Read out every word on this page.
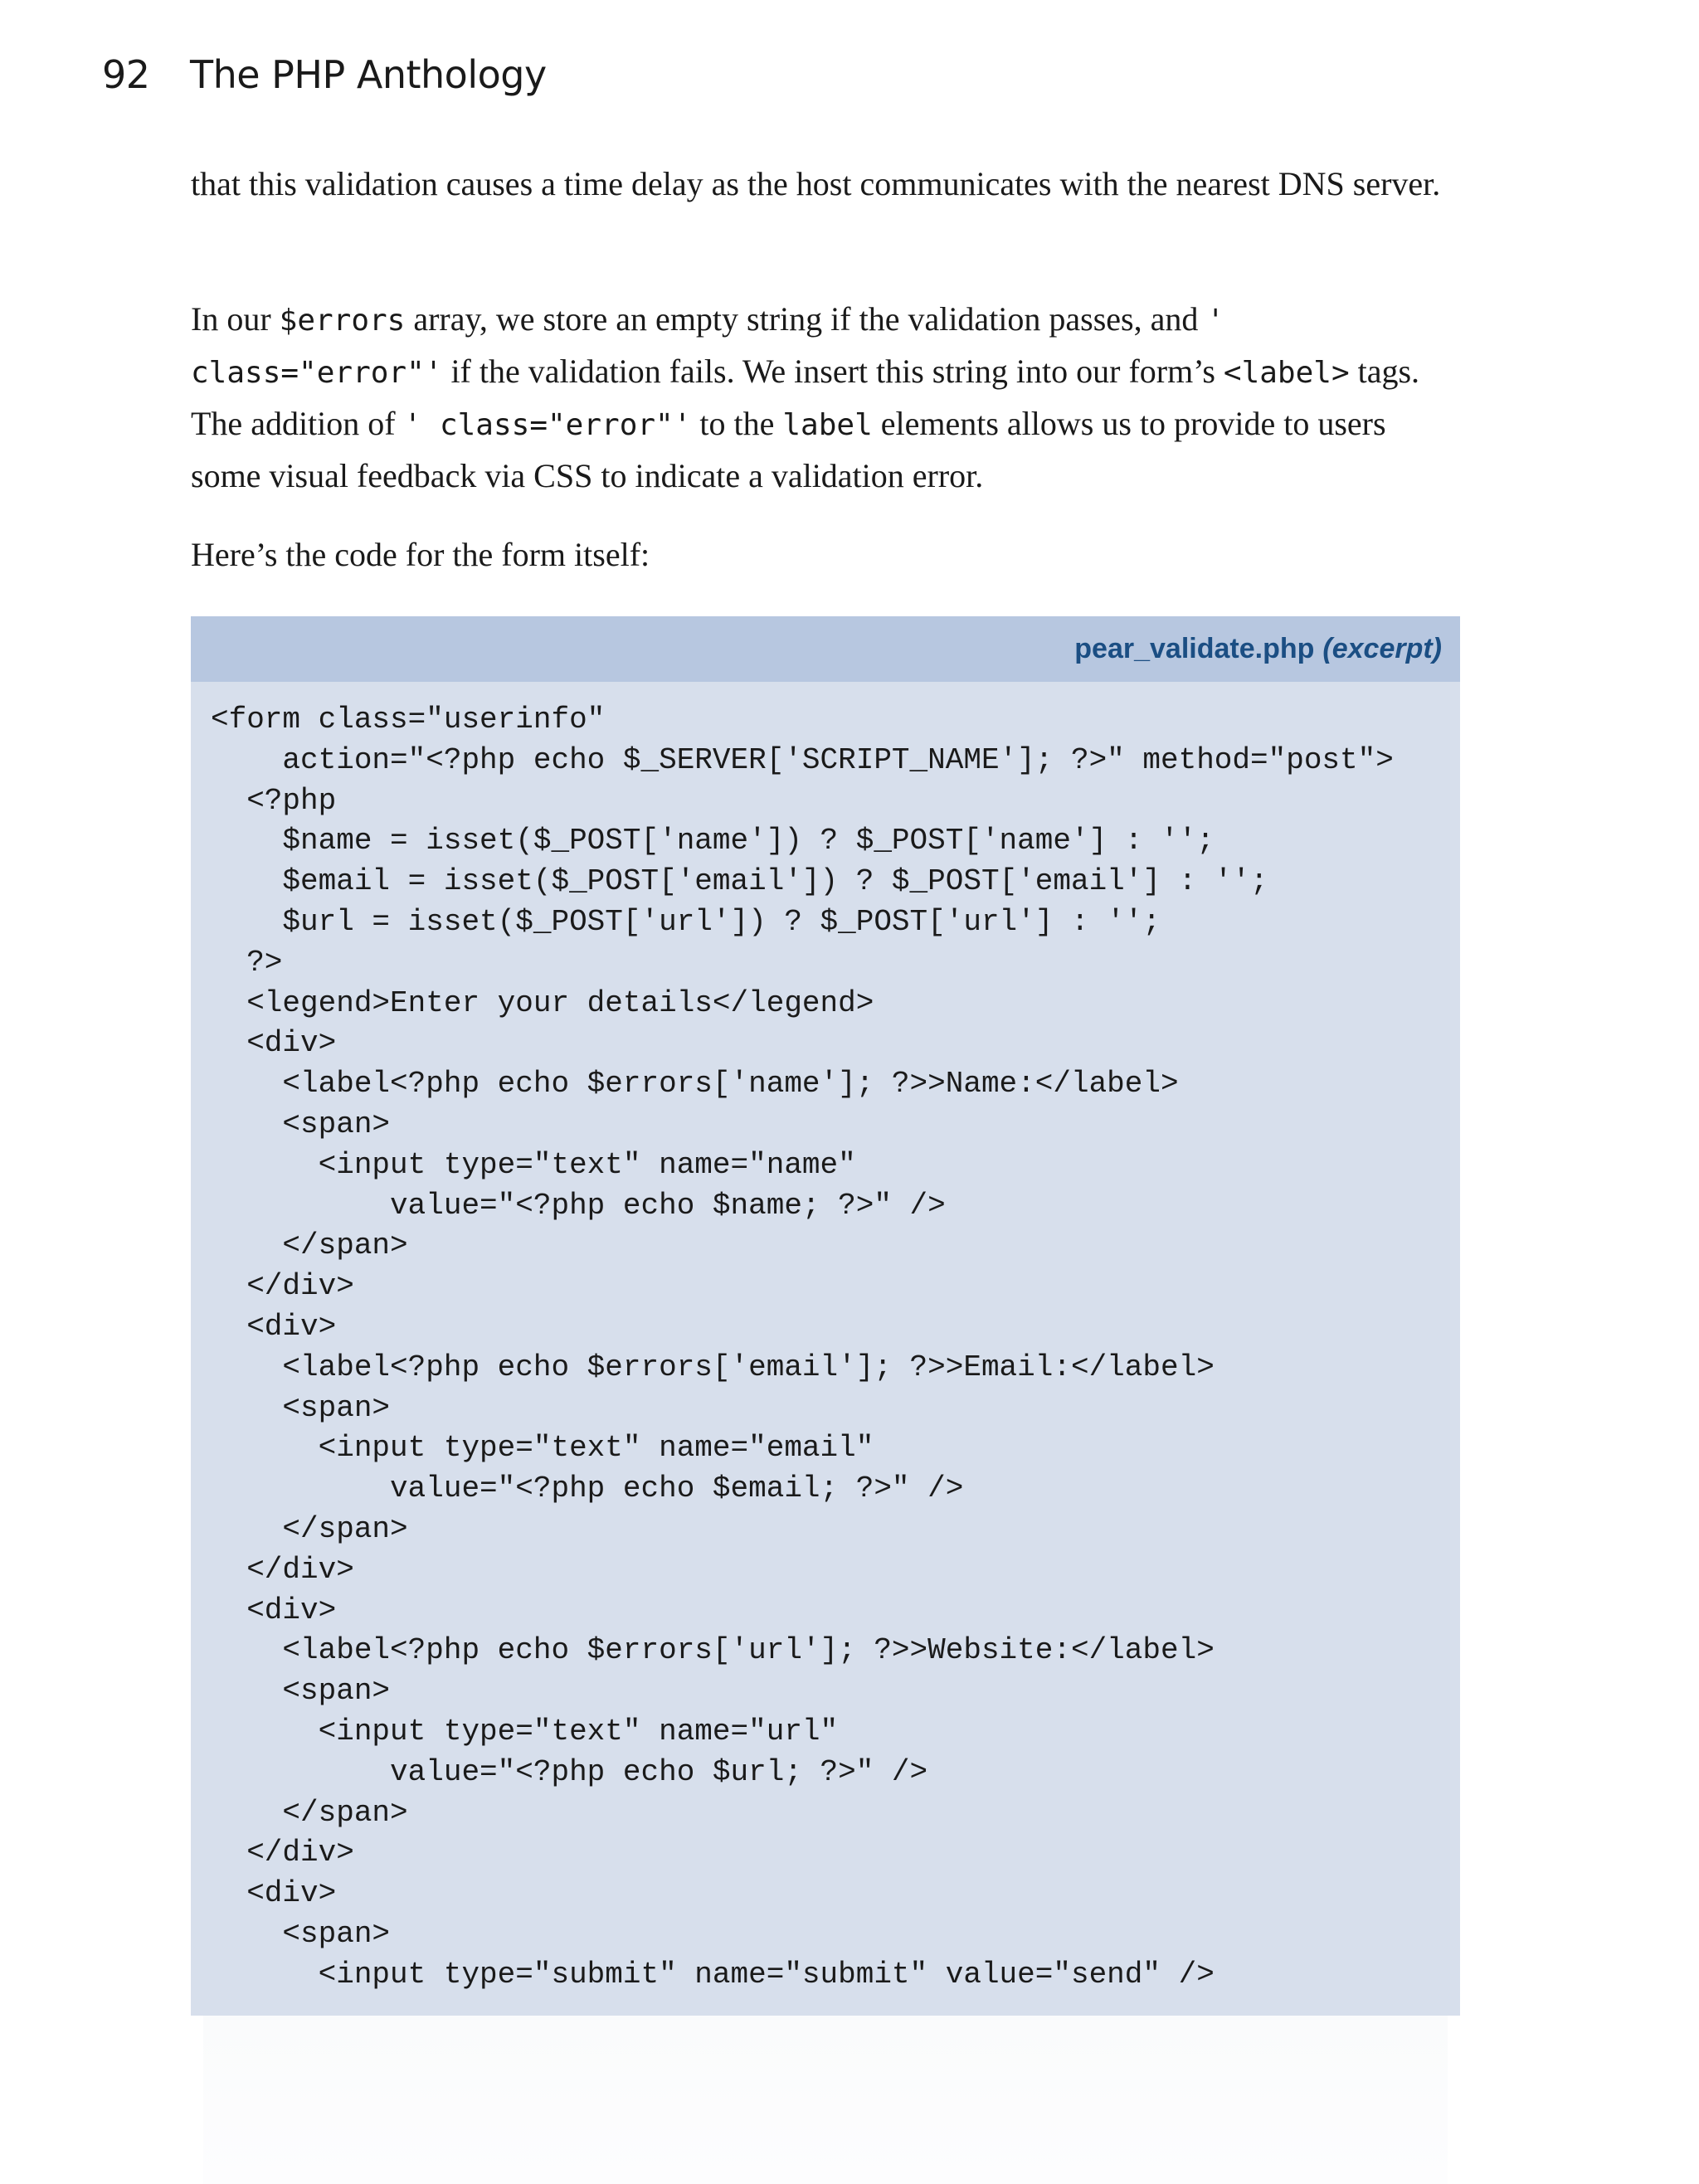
92	The PHP Anthology

that this validation causes a time delay as the host communicates with the nearest DNS server.

In our $errors array, we store an empty string if the validation passes, and ' class="error"' if the validation fails. We insert this string into our form’s <label> tags. The addition of ' class="error"' to the label elements allows us to provide to users some visual feedback via CSS to indicate a validation error.

Here’s the code for the form itself:

pear_validate.php (excerpt)
<form class="userinfo"
action="<?php echo $_SERVER['SCRIPT_NAME']; ?>" method="post">
<?php
$name = isset($_POST['name']) ? $_POST['name'] : '';
$email = isset($_POST['email']) ? $_POST['email'] : '';
$url = isset($_POST['url']) ? $_POST['url'] : '';
?>
<legend>Enter your details</legend>
<div>
<label<?php echo $errors['name']; ?>>Name:</label>
<span>
<input type="text" name="name"
value="<?php echo $name; ?>" />
</span>
</div>
<div>
<label<?php echo $errors['email']; ?>>Email:</label>
<span>
<input type="text" name="email"
value="<?php echo $email; ?>" />
</span>
</div>
<div>
<label<?php echo $errors['url']; ?>>Website:</label>
<span>
<input type="text" name="url"
value="<?php echo $url; ?>" />
</span>
</div>
<div>
<span>
<input type="submit" name="submit" value="send" />
